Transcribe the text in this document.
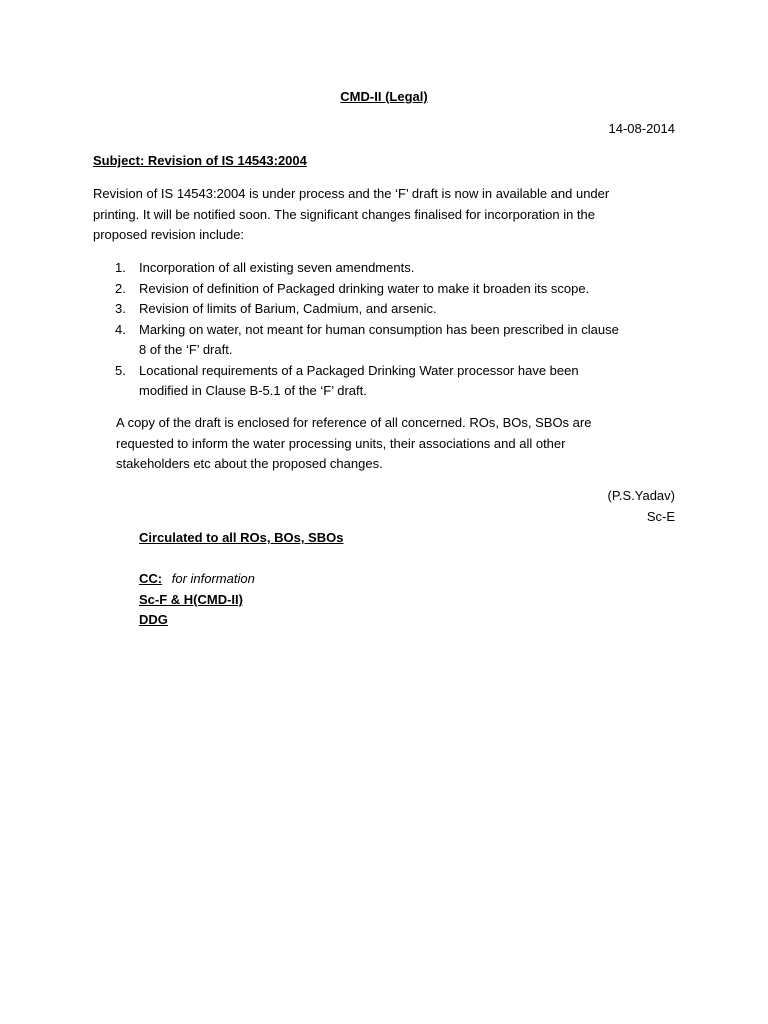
CMD-II (Legal)
14-08-2014
Subject: Revision of IS 14543:2004
Revision of IS 14543:2004 is under process and the ‘F’ draft is now in available and under
printing. It will be notified soon. The significant changes finalised for incorporation in the
proposed revision include:
1. Incorporation of all existing seven amendments.
2. Revision of definition of Packaged drinking water to make it broaden its scope.
3. Revision of limits of Barium, Cadmium, and arsenic.
4. Marking on water, not meant for human consumption has been prescribed in clause
8 of the ‘F’ draft.
5. Locational requirements of a Packaged Drinking Water processor have been
modified in Clause B-5.1 of the ‘F’ draft.
A copy of the draft is enclosed for reference of all concerned. ROs, BOs, SBOs are
requested to inform the water processing units, their associations and all other
stakeholders etc about the proposed changes.
(P.S.Yadav)
Sc-E
Circulated to all ROs, BOs, SBOs
CC: for information
Sc-F & H(CMD-II)
DDG
